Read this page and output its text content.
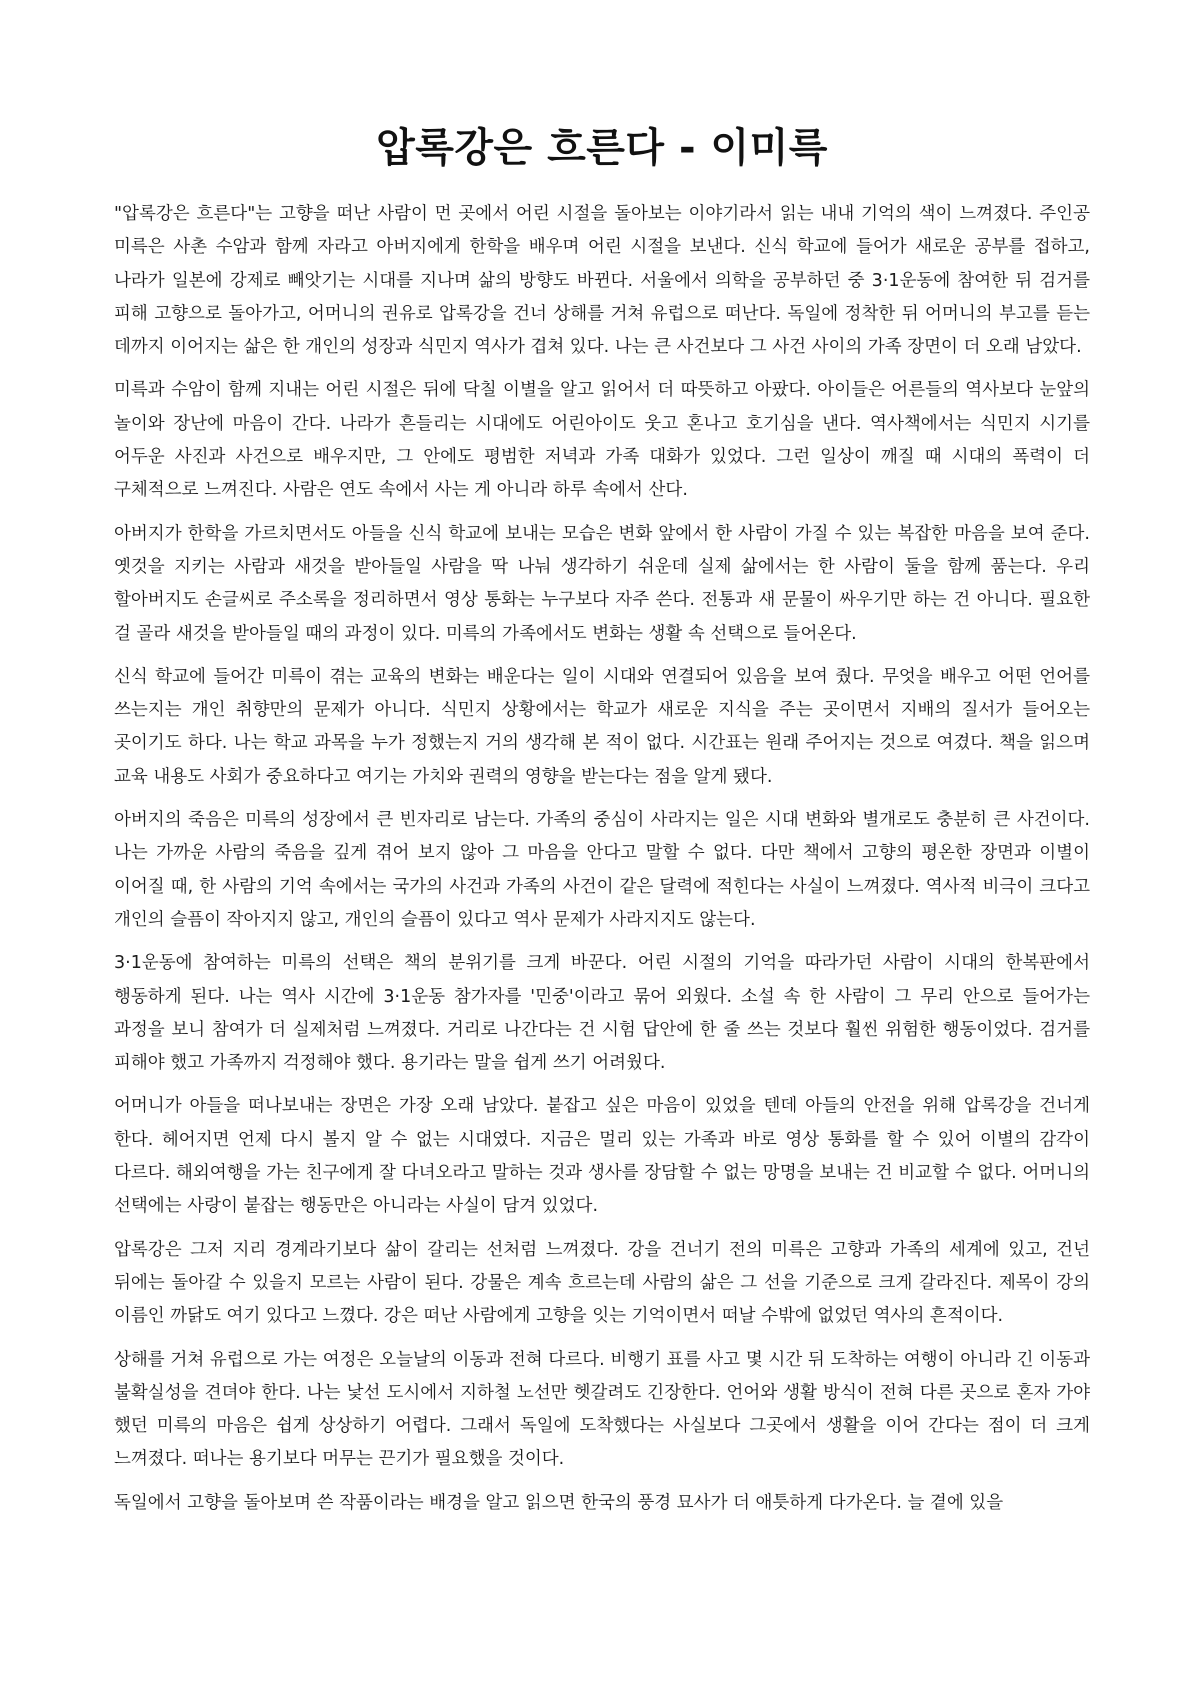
압록강은 흐른다 - 이미륵

"압록강은 흐른다"는 고향을 떠난 사람이 먼 곳에서 어린 시절을 돌아보는 이야기라서 읽는 내내 기억의 색이 느껴졌다. 주인공 미륵은 사촌 수암과 함께 자라고 아버지에게 한학을 배우며 어린 시절을 보낸다. 신식 학교에 들어가 새로운 공부를 접하고, 나라가 일본에 강제로 빼앗기는 시대를 지나며 삶의 방향도 바뀐다. 서울에서 의학을 공부하던 중 3·1운동에 참여한 뒤 검거를 피해 고향으로 돌아가고, 어머니의 권유로 압록강을 건너 상해를 거쳐 유럽으로 떠난다. 독일에 정착한 뒤 어머니의 부고를 듣는 데까지 이어지는 삶은 한 개인의 성장과 식민지 역사가 겹쳐 있다. 나는 큰 사건보다 그 사건 사이의 가족 장면이 더 오래 남았다.

미륵과 수암이 함께 지내는 어린 시절은 뒤에 닥칠 이별을 알고 읽어서 더 따뜻하고 아팠다. 아이들은 어른들의 역사보다 눈앞의 놀이와 장난에 마음이 간다. 나라가 흔들리는 시대에도 어린아이도 웃고 혼나고 호기심을 낸다. 역사책에서는 식민지 시기를 어두운 사진과 사건으로 배우지만, 그 안에도 평범한 저녁과 가족 대화가 있었다. 그런 일상이 깨질 때 시대의 폭력이 더 구체적으로 느껴진다. 사람은 연도 속에서 사는 게 아니라 하루 속에서 산다.

아버지가 한학을 가르치면서도 아들을 신식 학교에 보내는 모습은 변화 앞에서 한 사람이 가질 수 있는 복잡한 마음을 보여 준다. 옛것을 지키는 사람과 새것을 받아들일 사람을 딱 나눠 생각하기 쉬운데 실제 삶에서는 한 사람이 둘을 함께 품는다. 우리 할아버지도 손글씨로 주소록을 정리하면서 영상 통화는 누구보다 자주 쓴다. 전통과 새 문물이 싸우기만 하는 건 아니다. 필요한 걸 골라 새것을 받아들일 때의 과정이 있다. 미륵의 가족에서도 변화는 생활 속 선택으로 들어온다.

신식 학교에 들어간 미륵이 겪는 교육의 변화는 배운다는 일이 시대와 연결되어 있음을 보여 줬다. 무엇을 배우고 어떤 언어를 쓰는지는 개인 취향만의 문제가 아니다. 식민지 상황에서는 학교가 새로운 지식을 주는 곳이면서 지배의 질서가 들어오는 곳이기도 하다. 나는 학교 과목을 누가 정했는지 거의 생각해 본 적이 없다. 시간표는 원래 주어지는 것으로 여겼다. 책을 읽으며 교육 내용도 사회가 중요하다고 여기는 가치와 권력의 영향을 받는다는 점을 알게 됐다.

아버지의 죽음은 미륵의 성장에서 큰 빈자리로 남는다. 가족의 중심이 사라지는 일은 시대 변화와 별개로도 충분히 큰 사건이다. 나는 가까운 사람의 죽음을 깊게 겪어 보지 않아 그 마음을 안다고 말할 수 없다. 다만 책에서 고향의 평온한 장면과 이별이 이어질 때, 한 사람의 기억 속에서는 국가의 사건과 가족의 사건이 같은 달력에 적힌다는 사실이 느껴졌다. 역사적 비극이 크다고 개인의 슬픔이 작아지지 않고, 개인의 슬픔이 있다고 역사 문제가 사라지지도 않는다.

3·1운동에 참여하는 미륵의 선택은 책의 분위기를 크게 바꾼다. 어린 시절의 기억을 따라가던 사람이 시대의 한복판에서 행동하게 된다. 나는 역사 시간에 3·1운동 참가자를 '민중'이라고 묶어 외웠다. 소설 속 한 사람이 그 무리 안으로 들어가는 과정을 보니 참여가 더 실제처럼 느껴졌다. 거리로 나간다는 건 시험 답안에 한 줄 쓰는 것보다 훨씬 위험한 행동이었다. 검거를 피해야 했고 가족까지 걱정해야 했다. 용기라는 말을 쉽게 쓰기 어려웠다.

어머니가 아들을 떠나보내는 장면은 가장 오래 남았다. 붙잡고 싶은 마음이 있었을 텐데 아들의 안전을 위해 압록강을 건너게 한다. 헤어지면 언제 다시 볼지 알 수 없는 시대였다. 지금은 멀리 있는 가족과 바로 영상 통화를 할 수 있어 이별의 감각이 다르다. 해외여행을 가는 친구에게 잘 다녀오라고 말하는 것과 생사를 장담할 수 없는 망명을 보내는 건 비교할 수 없다. 어머니의 선택에는 사랑이 붙잡는 행동만은 아니라는 사실이 담겨 있었다.

압록강은 그저 지리 경계라기보다 삶이 갈리는 선처럼 느껴졌다. 강을 건너기 전의 미륵은 고향과 가족의 세계에 있고, 건넌 뒤에는 돌아갈 수 있을지 모르는 사람이 된다. 강물은 계속 흐르는데 사람의 삶은 그 선을 기준으로 크게 갈라진다. 제목이 강의 이름인 까닭도 여기 있다고 느꼈다. 강은 떠난 사람에게 고향을 잇는 기억이면서 떠날 수밖에 없었던 역사의 흔적이다.

상해를 거쳐 유럽으로 가는 여정은 오늘날의 이동과 전혀 다르다. 비행기 표를 사고 몇 시간 뒤 도착하는 여행이 아니라 긴 이동과 불확실성을 견뎌야 한다. 나는 낯선 도시에서 지하철 노선만 헷갈려도 긴장한다. 언어와 생활 방식이 전혀 다른 곳으로 혼자 가야 했던 미륵의 마음은 쉽게 상상하기 어렵다. 그래서 독일에 도착했다는 사실보다 그곳에서 생활을 이어 간다는 점이 더 크게 느껴졌다. 떠나는 용기보다 머무는 끈기가 필요했을 것이다.

독일에서 고향을 돌아보며 쓴 작품이라는 배경을 알고 읽으면 한국의 풍경 묘사가 더 애틋하게 다가온다. 늘 곁에 있을
